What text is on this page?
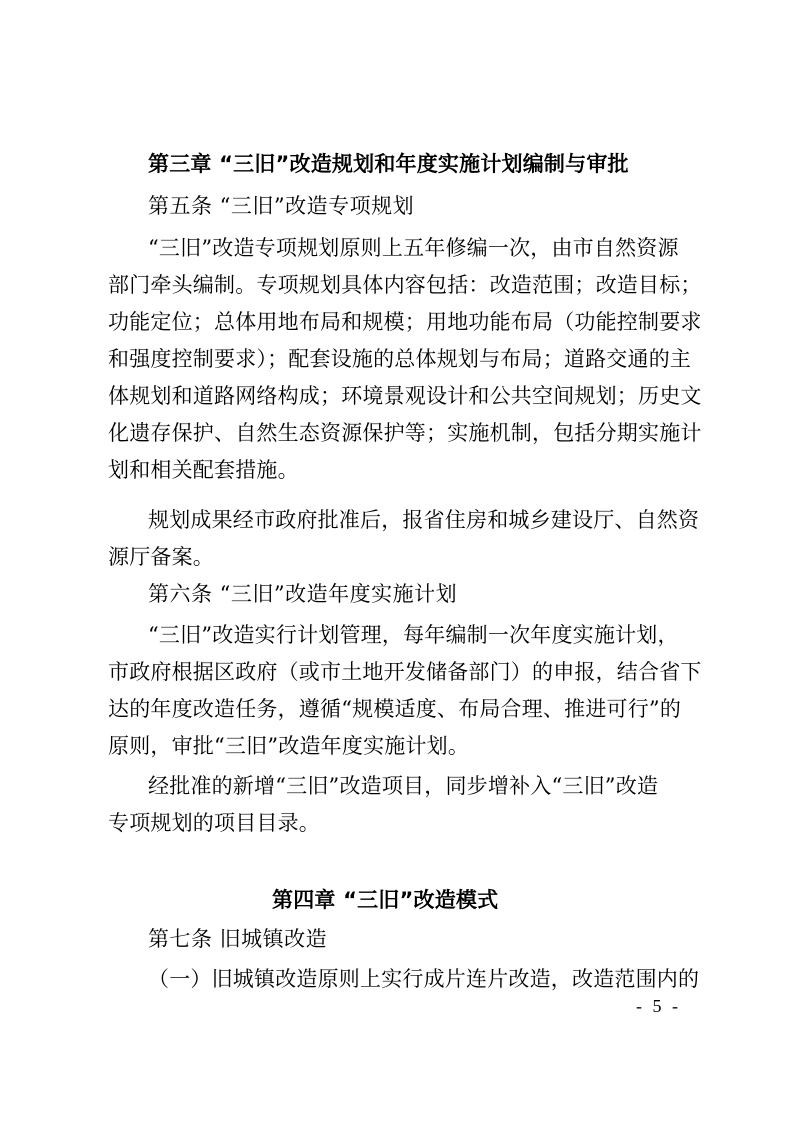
第三章 “三旧”改造规划和年度实施计划编制与审批
第五条 “三旧”改造专项规划
“三旧”改造专项规划原则上五年修编一次，由市自然资源
部门牵头编制。专项规划具体内容包括：改造范围；改造目标；
功能定位；总体用地布局和规模；用地功能布局（功能控制要求
和强度控制要求）；配套设施的总体规划与布局；道路交通的主
体规划和道路网络构成；环境景观设计和公共空间规划；历史文
化遗存保护、自然生态资源保护等；实施机制，包括分期实施计
划和相关配套措施。
规划成果经市政府批准后，报省住房和城乡建设厅、自然资
源厅备案。
第六条 “三旧”改造年度实施计划
“三旧”改造实行计划管理，每年编制一次年度实施计划，
市政府根据区政府（或市土地开发储备部门）的申报，结合省下
达的年度改造任务，遵循“规模适度、布局合理、推进可行”的
原则，审批“三旧”改造年度实施计划。
经批准的新增“三旧”改造项目，同步增补入“三旧”改造
专项规划的项目目录。
第四章 “三旧”改造模式
第七条 旧城镇改造
（一）旧城镇改造原则上实行成片连片改造，改造范围内的
- 5 -
